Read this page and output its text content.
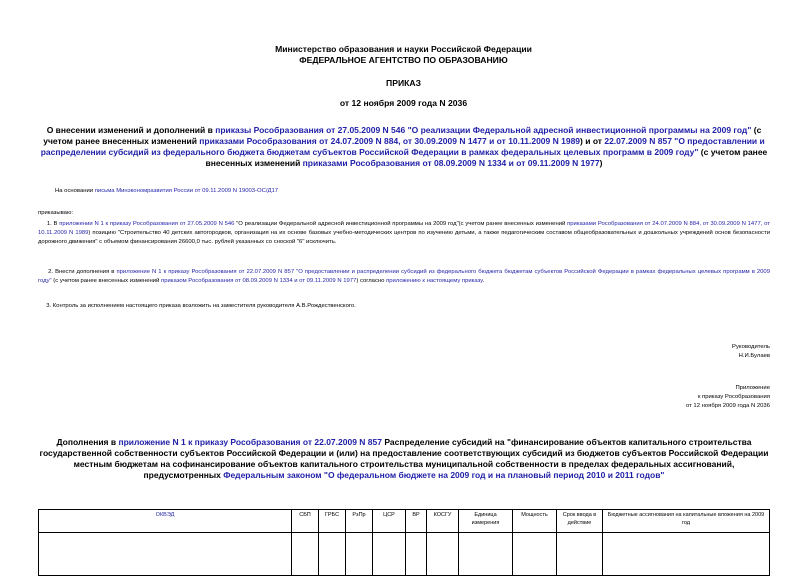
Министерство образования и науки Российской Федерации
ФЕДЕРАЛЬНОЕ АГЕНТСТВО ПО ОБРАЗОВАНИЮ
ПРИКАЗ
от 12 ноября 2009 года N 2036
О внесении изменений и дополнений в приказы Рособразования от 27.05.2009 N 546 "О реализации Федеральной адресной инвестиционной программы на 2009 год" (с учетом ранее внесенных изменений приказами Рособразования от 24.07.2009 N 884, от 30.09.2009 N 1477 и от 10.11.2009 N 1989) и от 22.07.2009 N 857 "О предоставлении и распределении субсидий из федерального бюджета бюджетам субъектов Российской Федерации в рамках федеральных целевых программ в 2009 году" (с учетом ранее внесенных изменений приказами Рособразования от 08.09.2009 N 1334 и от 09.11.2009 N 1977)
На основании письма Минэкономразвития России от 09.11.2009 N 19003-ОС/Д17
приказываю:
1. В приложении N 1 к приказу Рособразования от 27.05.2009 N 546 "О реализации Федеральной адресной инвестиционной программы на 2009 год"(с учетом ранее внесенных изменений приказами Рособразования от 24.07.2009 N 884, от 30.09.2009 N 1477, от 10.11.2009 N 1989) позицию "Строительство 40 детских автогородков, организация на их основе базовых учебно-методических центров по изучению детьми, а также педагогическим составом общеобразовательных и дошкольных учреждений основ безопасности дорожного движения" с объемом финансирования 26600,0 тыс. рублей указанных со сноской "6" исключить.
2. Внести дополнения в приложение N 1 к приказу Рособразования от 22.07.2009 N 857 "О предоставлении и распределении субсидий из федерального бюджета бюджетам субъектов Российской Федерации в рамках федеральных целевых программ в 2009 году" (с учетом ранее внесенных изменений приказом Рособразования от 08.09.2009 N 1334 и от 09.11.2009 N 1977) согласно приложению к настоящему приказу.
3. Контроль за исполнением настоящего приказа возложить на заместителя руководителя А.В.Рождественского.
Руководитель
Н.И.Булаев
Приложение
к приказу Рособразования
от 12 ноября 2009 года N 2036
Дополнения в приложение N 1 к приказу Рособразования от 22.07.2009 N 857 Распределение субсидий на "финансирование объектов капитального строительства государственной собственности субъектов Российской Федерации и (или) на предоставление соответствующих субсидий из бюджетов субъектов Российской Федерации местным бюджетам на софинансирование объектов капитального строительства муниципальной собственности в пределах федеральных ассигнований, предусмотренных Федеральным законом "О федеральном бюджете на 2009 год и на плановый период 2010 и 2011 годов"
ОКВЭД	СБП	ГРБС	РзПр	ЦСР	ВР	КОСГУ	Единица измерения	Мощность	Срок ввода в действие	Бюджетные ассигнования на капитальные вложения на 2009 год
